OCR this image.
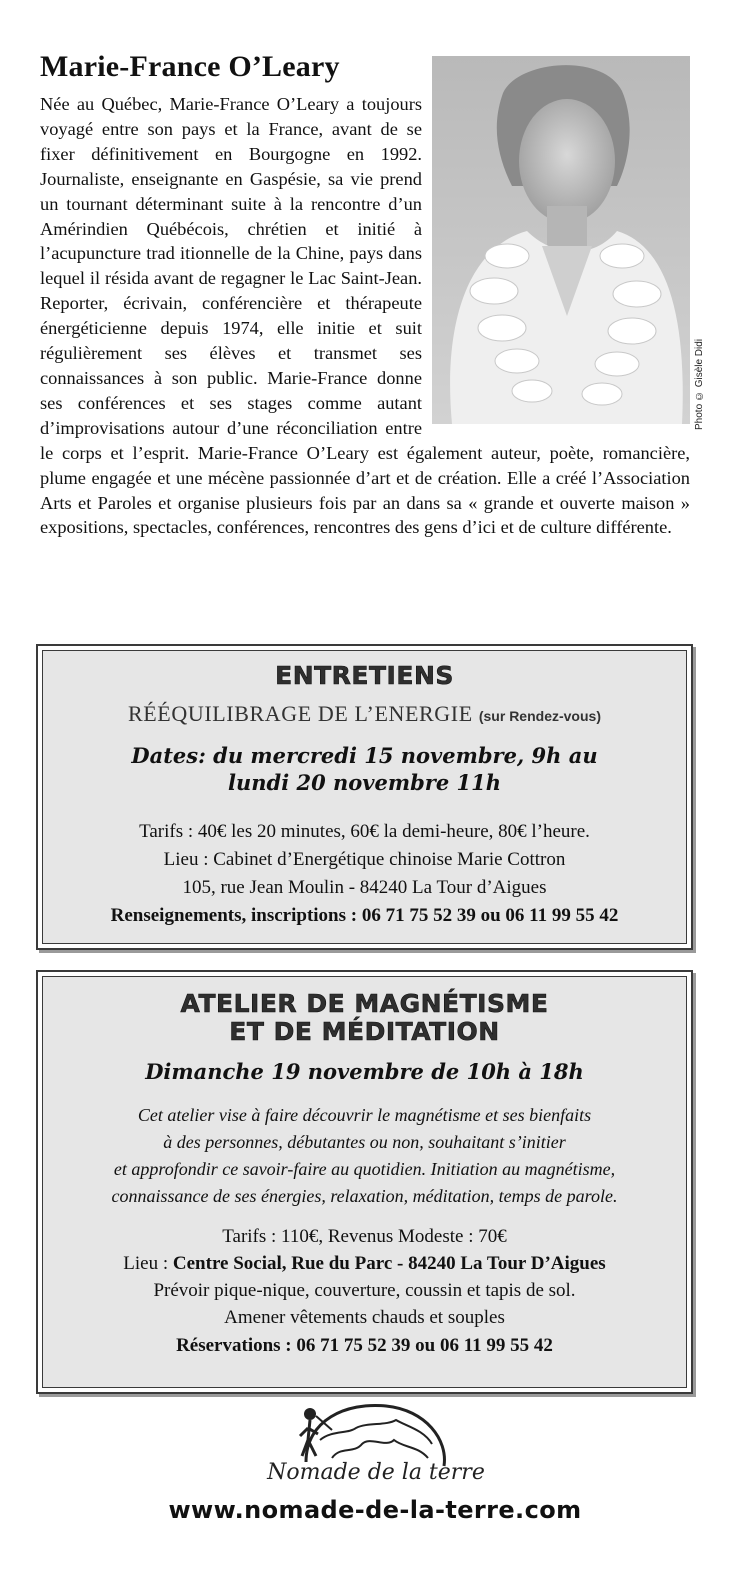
Photo © Gisèle Didi
Marie-France O’Leary
Née au Québec, Marie-France O’Leary a toujours voyagé entre son pays et la France, avant de se fixer définitivement en Bourgogne en 1992. Journaliste, enseignante en Gaspésie, sa vie prend un tournant déterminant suite à la rencontre d’un Amérindien Québécois, chrétien et initié à l’acupuncture trad itionnelle de la Chine, pays dans lequel il résida avant de regagner le Lac Saint-Jean. Reporter, écrivain, conférencière et thérapeute énergéticienne depuis 1974, elle initie et suit régulièrement ses élèves et transmet ses connaissances à son public. Marie-France donne ses conférences et ses stages comme autant d’improvisations autour d’une réconciliation entre le corps et l’esprit. Marie-France O’Leary est également auteur, poète, romancière, plume engagée et une mécène passionnée d’art et de création. Elle a créé l’Association Arts et Paroles et organise plusieurs fois par an dans sa « grande et ouverte maison » expositions, spectacles, conférences, rencontres des gens d’ici et de culture différente.
ENTRETIENS
RÉÉQUILIBRAGE DE L’ENERGIE (sur Rendez-vous)
Dates: du mercredi 15 novembre, 9h au
lundi 20 novembre 11h
Tarifs : 40€ les 20 minutes, 60€ la demi-heure, 80€ l’heure.
Lieu : Cabinet d’Energétique chinoise Marie Cottron
105, rue Jean Moulin - 84240 La Tour d’Aigues
Renseignements, inscriptions : 06 71 75 52 39 ou 06 11 99 55 42
ATELIER DE MAGNÉTISME
ET DE MÉDITATION
Dimanche 19 novembre de 10h à 18h
Cet atelier vise à faire découvrir le magnétisme et ses bienfaits
à des personnes, débutantes ou non, souhaitant s’initier
et approfondir ce savoir-faire au quotidien. Initiation au magnétisme,
connaissance de ses énergies, relaxation, méditation, temps de parole.
Tarifs : 110€, Revenus Modeste : 70€
Lieu : Centre Social, Rue du Parc - 84240 La Tour D’Aigues
Prévoir pique-nique, couverture, coussin et tapis de sol.
Amener vêtements chauds et souples
Réservations : 06 71 75 52 39 ou 06 11 99 55 42
Nomade de la terre
www.nomade-de-la-terre.com
